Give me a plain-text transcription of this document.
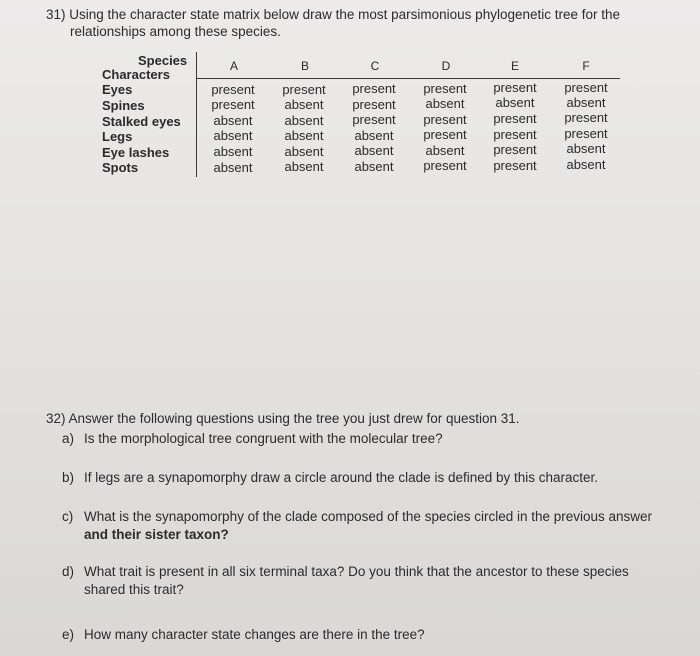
31) Using the character state matrix below draw the most parsimonious phylogenetic tree for the
relationships among these species.
Species
Characters
A	B	C	D	E	F
Eyes	present	present	present	present	present	present
Spines	present	absent	present	absent	absent	absent
Stalked eyes	absent	absent	present	present	present	present
Legs	absent	absent	absent	present	present	present
Eye lashes	absent	absent	absent	absent	present	absent
Spots	absent	absent	absent	present	present	absent
32) Answer the following questions using the tree you just drew for question 31.
a) Is the morphological tree congruent with the molecular tree?
b) If legs are a synapomorphy draw a circle around the clade is defined by this character.
c) What is the synapomorphy of the clade composed of the species circled in the previous answer
and their sister taxon?
d) What trait is present in all six terminal taxa? Do you think that the ancestor to these species
shared this trait?
e) How many character state changes are there in the tree?
